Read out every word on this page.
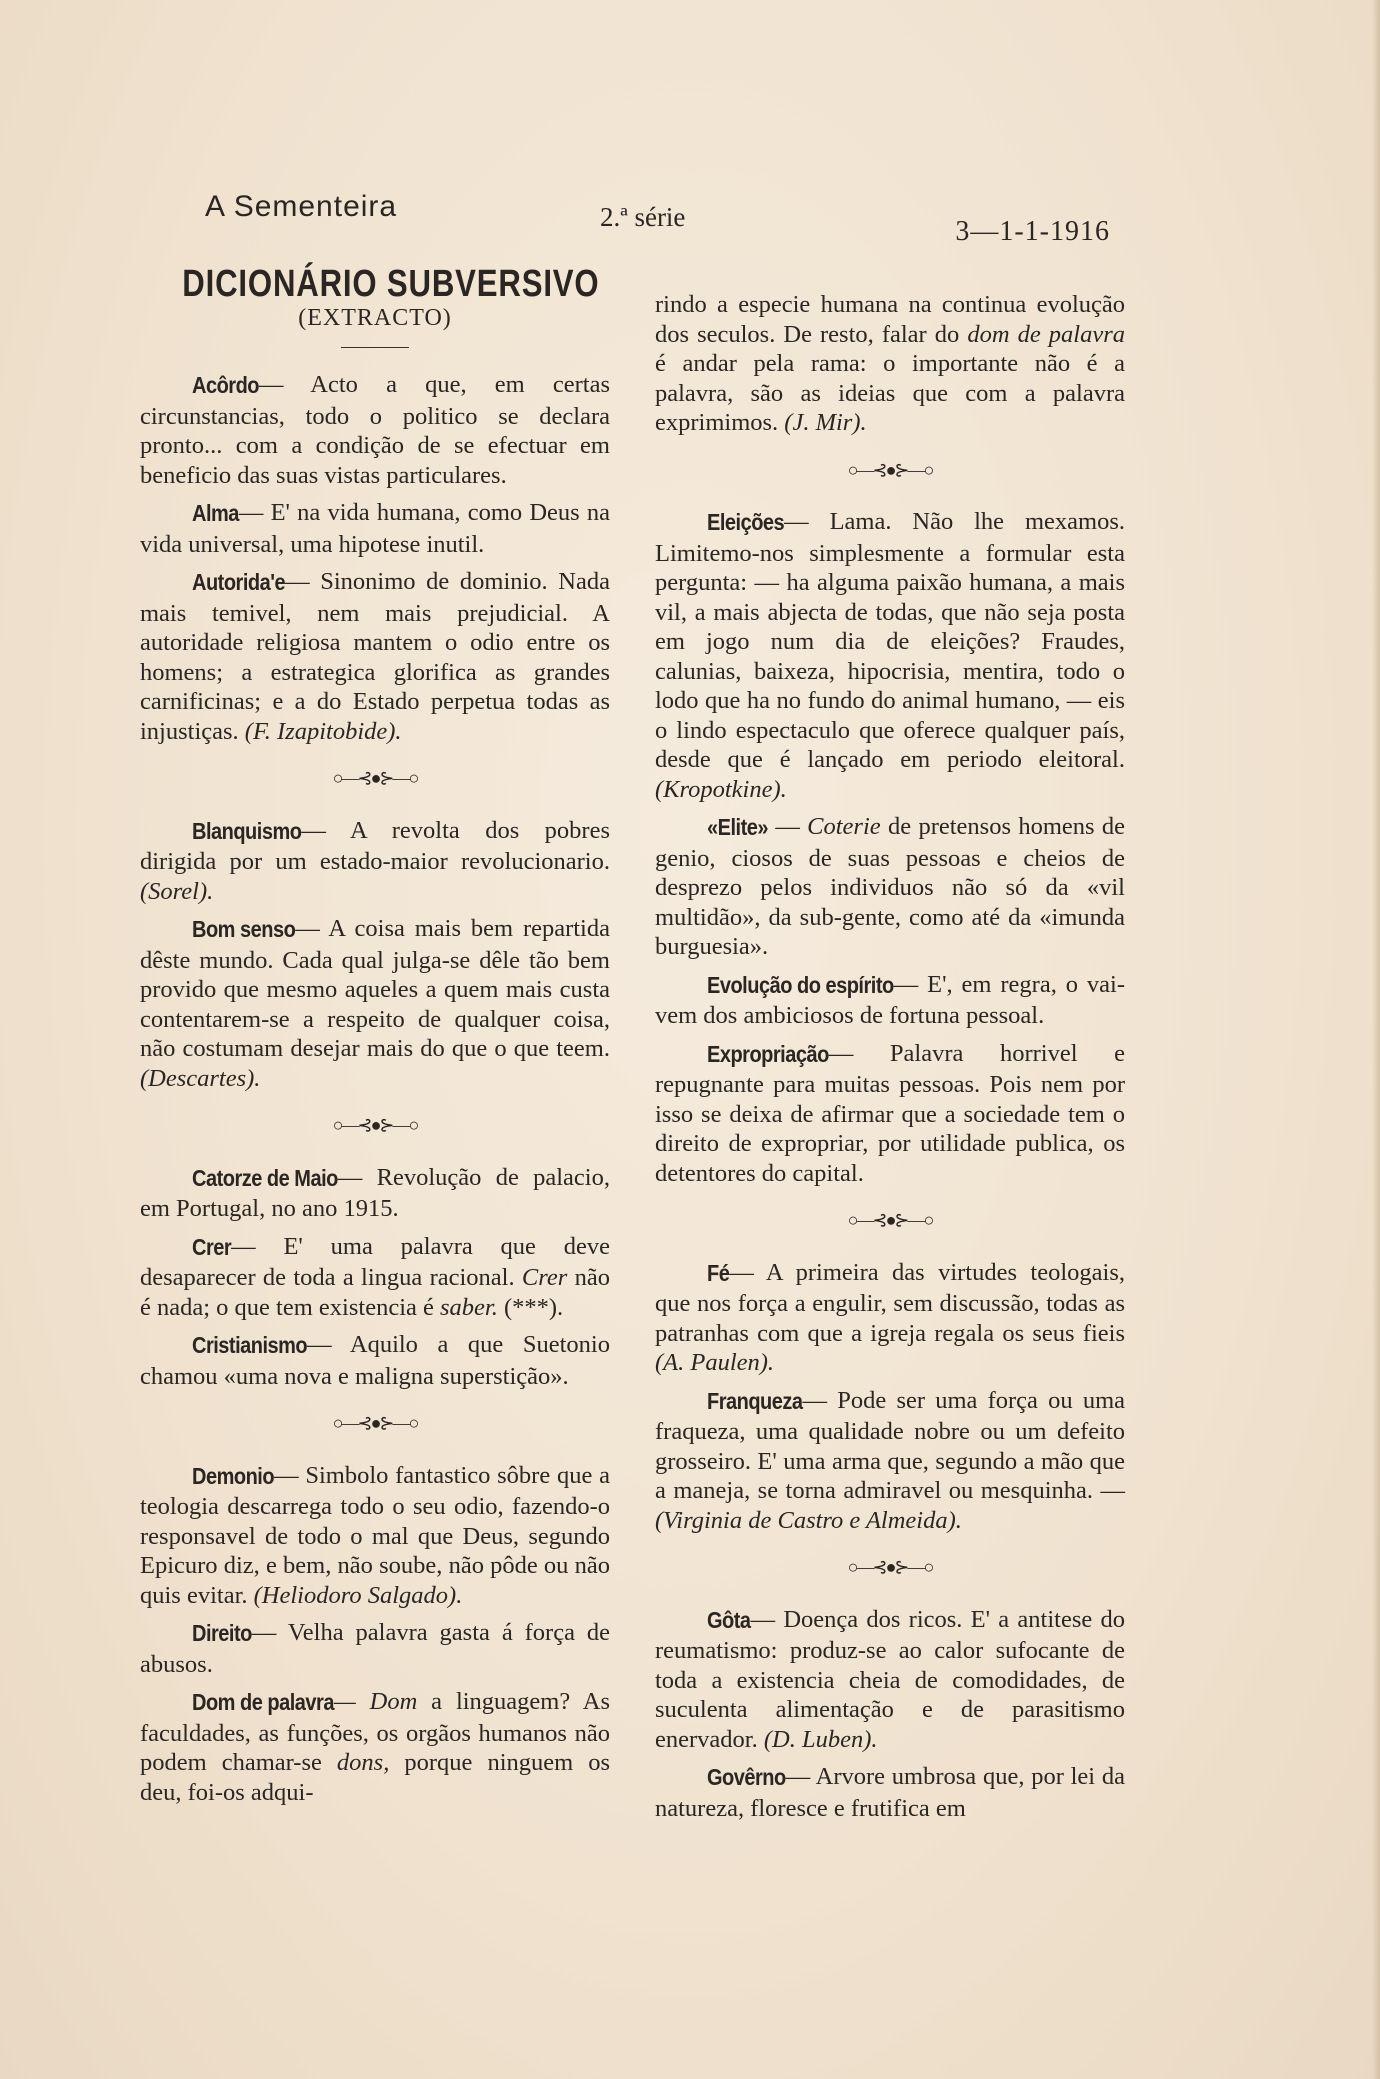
A Sementeira	2.ª série	3—1-1-1916
DICIONÁRIO SUBVERSIVO
(EXTRACTO)

Acôrdo— Acto a que, em certas circunstancias, todo o politico se declara pronto... com a condição de se efectuar em beneficio das suas vistas particulares.

Alma— E' na vida humana, como Deus na vida universal, uma hipotese inutil.

Autorida'e— Sinonimo de dominio. Nada mais temivel, nem mais prejudicial. A autoridade religiosa mantem o odio entre os homens; a estrategica glorifica as grandes carnificinas; e a do Estado perpetua todas as injustiças. (F. Izapitobide).

○—⊰●⊱—○

Blanquismo— A revolta dos pobres dirigida por um estado-maior revolucionario. (Sorel).

Bom senso— A coisa mais bem repartida dêste mundo. Cada qual julga-se dêle tão bem provido que mesmo aqueles a quem mais custa contentarem-se a respeito de qualquer coisa, não costumam desejar mais do que o que teem. (Descartes).

○—⊰●⊱—○

Catorze de Maio— Revolução de palacio, em Portugal, no ano 1915.

Crer— E' uma palavra que deve desaparecer de toda a lingua racional. Crer não é nada; o que tem existencia é saber. (***).

Cristianismo— Aquilo a que Suetonio chamou «uma nova e maligna superstição».

○—⊰●⊱—○

Demonio— Simbolo fantastico sôbre que a teologia descarrega todo o seu odio, fazendo-o responsavel de todo o mal que Deus, segundo Epicuro diz, e bem, não soube, não pôde ou não quis evitar. (Heliodoro Salgado).

Direito— Velha palavra gasta á força de abusos.

Dom de palavra— Dom a linguagem? As faculdades, as funções, os orgãos humanos não podem chamar-se dons, porque ninguem os deu, foi-os adqui-

rindo a especie humana na continua evolução dos seculos. De resto, falar do dom de palavra é andar pela rama: o importante não é a palavra, são as ideias que com a palavra exprimimos. (J. Mir).

○—⊰●⊱—○

Eleições— Lama. Não lhe mexamos. Limitemo-nos simplesmente a formular esta pergunta: — ha alguma paixão humana, a mais vil, a mais abjecta de todas, que não seja posta em jogo num dia de eleições? Fraudes, calunias, baixeza, hipocrisia, mentira, todo o lodo que ha no fundo do animal humano, — eis o lindo espectaculo que oferece qualquer país, desde que é lançado em periodo eleitoral. (Kropotkine).

«Elite» — Coterie de pretensos homens de genio, ciosos de suas pessoas e cheios de desprezo pelos individuos não só da «vil multidão», da sub-gente, como até da «imunda burguesia».

Evolução do espírito— E', em regra, o vai-vem dos ambiciosos de fortuna pessoal.

Expropriação— Palavra horrivel e repugnante para muitas pessoas. Pois nem por isso se deixa de afirmar que a sociedade tem o direito de expropriar, por utilidade publica, os detentores do capital.

○—⊰●⊱—○

Fé— A primeira das virtudes teologais, que nos força a engulir, sem discussão, todas as patranhas com que a igreja regala os seus fieis (A. Paulen).

Franqueza— Pode ser uma força ou uma fraqueza, uma qualidade nobre ou um defeito grosseiro. E' uma arma que, segundo a mão que a maneja, se torna admiravel ou mesquinha. — (Virginia de Castro e Almeida).

○—⊰●⊱—○

Gôta— Doença dos ricos. E' a antitese do reumatismo: produz-se ao calor sufocante de toda a existencia cheia de comodidades, de suculenta alimentação e de parasitismo enervador. (D. Luben).

Govêrno— Arvore umbrosa que, por lei da natureza, floresce e frutifica em
